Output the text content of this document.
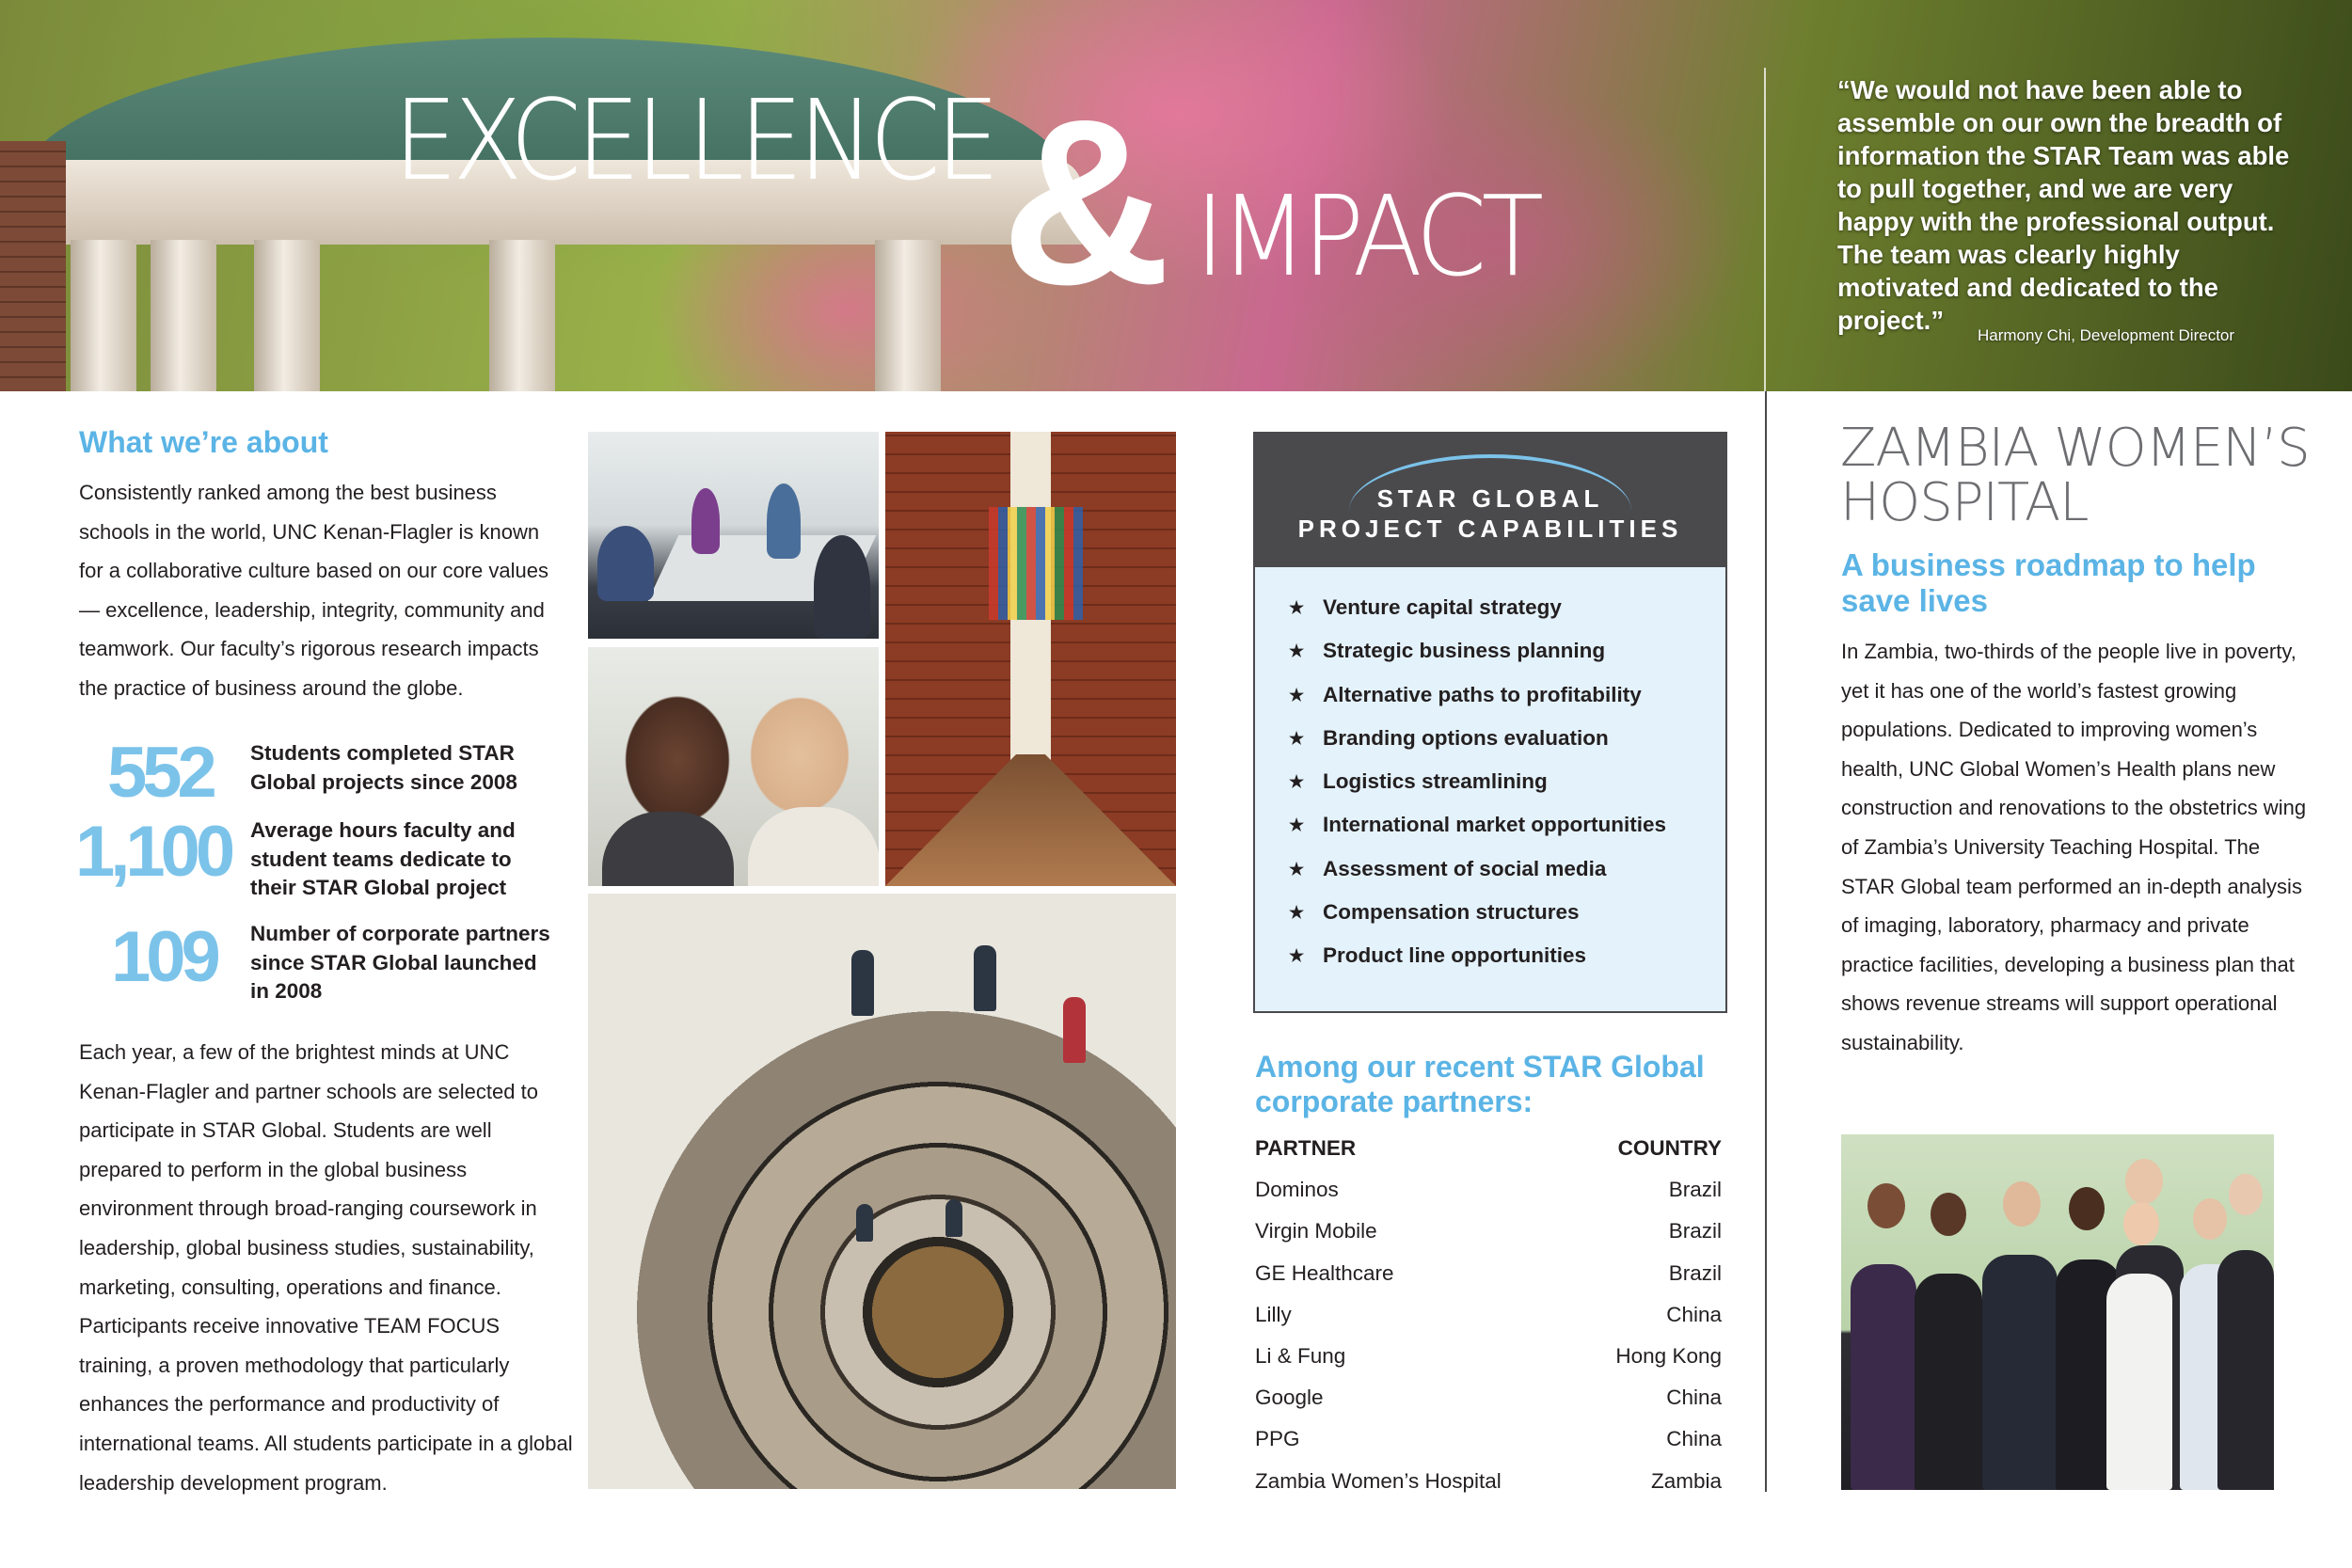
EXCELLENCE & IMPACT
“We would not have been able to assemble on our own the breadth of information the STAR Team was able to pull together, and we are very happy with the professional output. The team was clearly highly motivated and dedicated to the project.”
Harmony Chi, Development Director
What we’re about
Consistently ranked among the best business schools in the world, UNC Kenan-Flagler is known for a collaborative culture based on our core values — excellence, leadership, integrity, community and teamwork. Our faculty’s rigorous research impacts the practice of business around the globe.
552 Students completed STAR Global projects since 2008
1,100 Average hours faculty and student teams dedicate to their STAR Global project
109 Number of corporate partners since STAR Global launched in 2008
Each year, a few of the brightest minds at UNC Kenan-Flagler and partner schools are selected to participate in STAR Global. Students are well prepared to perform in the global business environment through broad-ranging coursework in leadership, global business studies, sustainability, marketing, consulting, operations and finance. Participants receive innovative TEAM FOCUS training, a proven methodology that particularly enhances the performance and productivity of international teams. All students participate in a global leadership development program.
STAR GLOBAL
PROJECT CAPABILITIES
★ Venture capital strategy
★ Strategic business planning
★ Alternative paths to profitability
★ Branding options evaluation
★ Logistics streamlining
★ International market opportunities
★ Assessment of social media
★ Compensation structures
★ Product line opportunities
Among our recent STAR Global corporate partners:
PARTNER	COUNTRY
Dominos	Brazil
Virgin Mobile	Brazil
GE Healthcare	Brazil
Lilly	China
Li & Fung	Hong Kong
Google	China
PPG	China
Zambia Women’s Hospital	Zambia
ZAMBIA WOMEN’S HOSPITAL
A business roadmap to help save lives
In Zambia, two-thirds of the people live in poverty, yet it has one of the world’s fastest growing populations. Dedicated to improving women’s health, UNC Global Women’s Health plans new construction and renovations to the obstetrics wing of Zambia’s University Teaching Hospital. The STAR Global team performed an in-depth analysis of imaging, laboratory, pharmacy and private practice facilities, developing a business plan that shows revenue streams will support operational sustainability.
